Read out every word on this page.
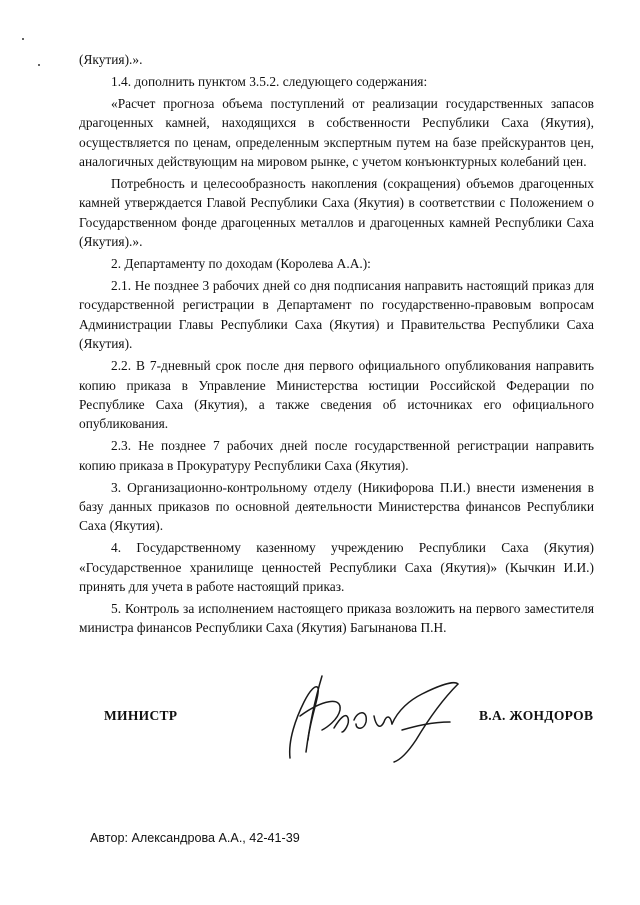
(Якутия).».

1.4. дополнить пунктом 3.5.2. следующего содержания:

«Расчет прогноза объема поступлений от реализации государственных запасов драгоценных камней, находящихся в собственности Республики Саха (Якутия), осуществляется по ценам, определенным экспертным путем на базе прейскурантов цен, аналогичных действующим на мировом рынке, с учетом конъюнктурных колебаний цен.

Потребность и целесообразность накопления (сокращения) объемов драгоценных камней утверждается Главой Республики Саха (Якутия) в соответствии с Положением о Государственном фонде драгоценных металлов и драгоценных камней Республики Саха (Якутия).».

2. Департаменту по доходам (Королева А.А.):

2.1. Не позднее 3 рабочих дней со дня подписания направить настоящий приказ для государственной регистрации в Департамент по государственно-правовым вопросам Администрации Главы Республики Саха (Якутия) и Правительства Республики Саха (Якутия).

2.2. В 7-дневный срок после дня первого официального опубликования направить копию приказа в Управление Министерства юстиции Российской Федерации по Республике Саха (Якутия), а также сведения об источниках его официального опубликования.

2.3. Не позднее 7 рабочих дней после государственной регистрации направить копию приказа в Прокуратуру Республики Саха (Якутия).

3. Организационно-контрольному отделу (Никифорова П.И.) внести изменения в базу данных приказов по основной деятельности Министерства финансов Республики Саха (Якутия).

4. Государственному казенному учреждению Республики Саха (Якутия) «Государственное хранилище ценностей Республики Саха (Якутия)» (Кычкин И.И.) принять для учета в работе настоящий приказ.

5. Контроль за исполнением настоящего приказа возложить на первого заместителя министра финансов Республики Саха (Якутия) Багынанова П.Н.

МИНИСТР	В.А. ЖОНДОРОВ
Автор: Александрова А.А., 42-41-39
